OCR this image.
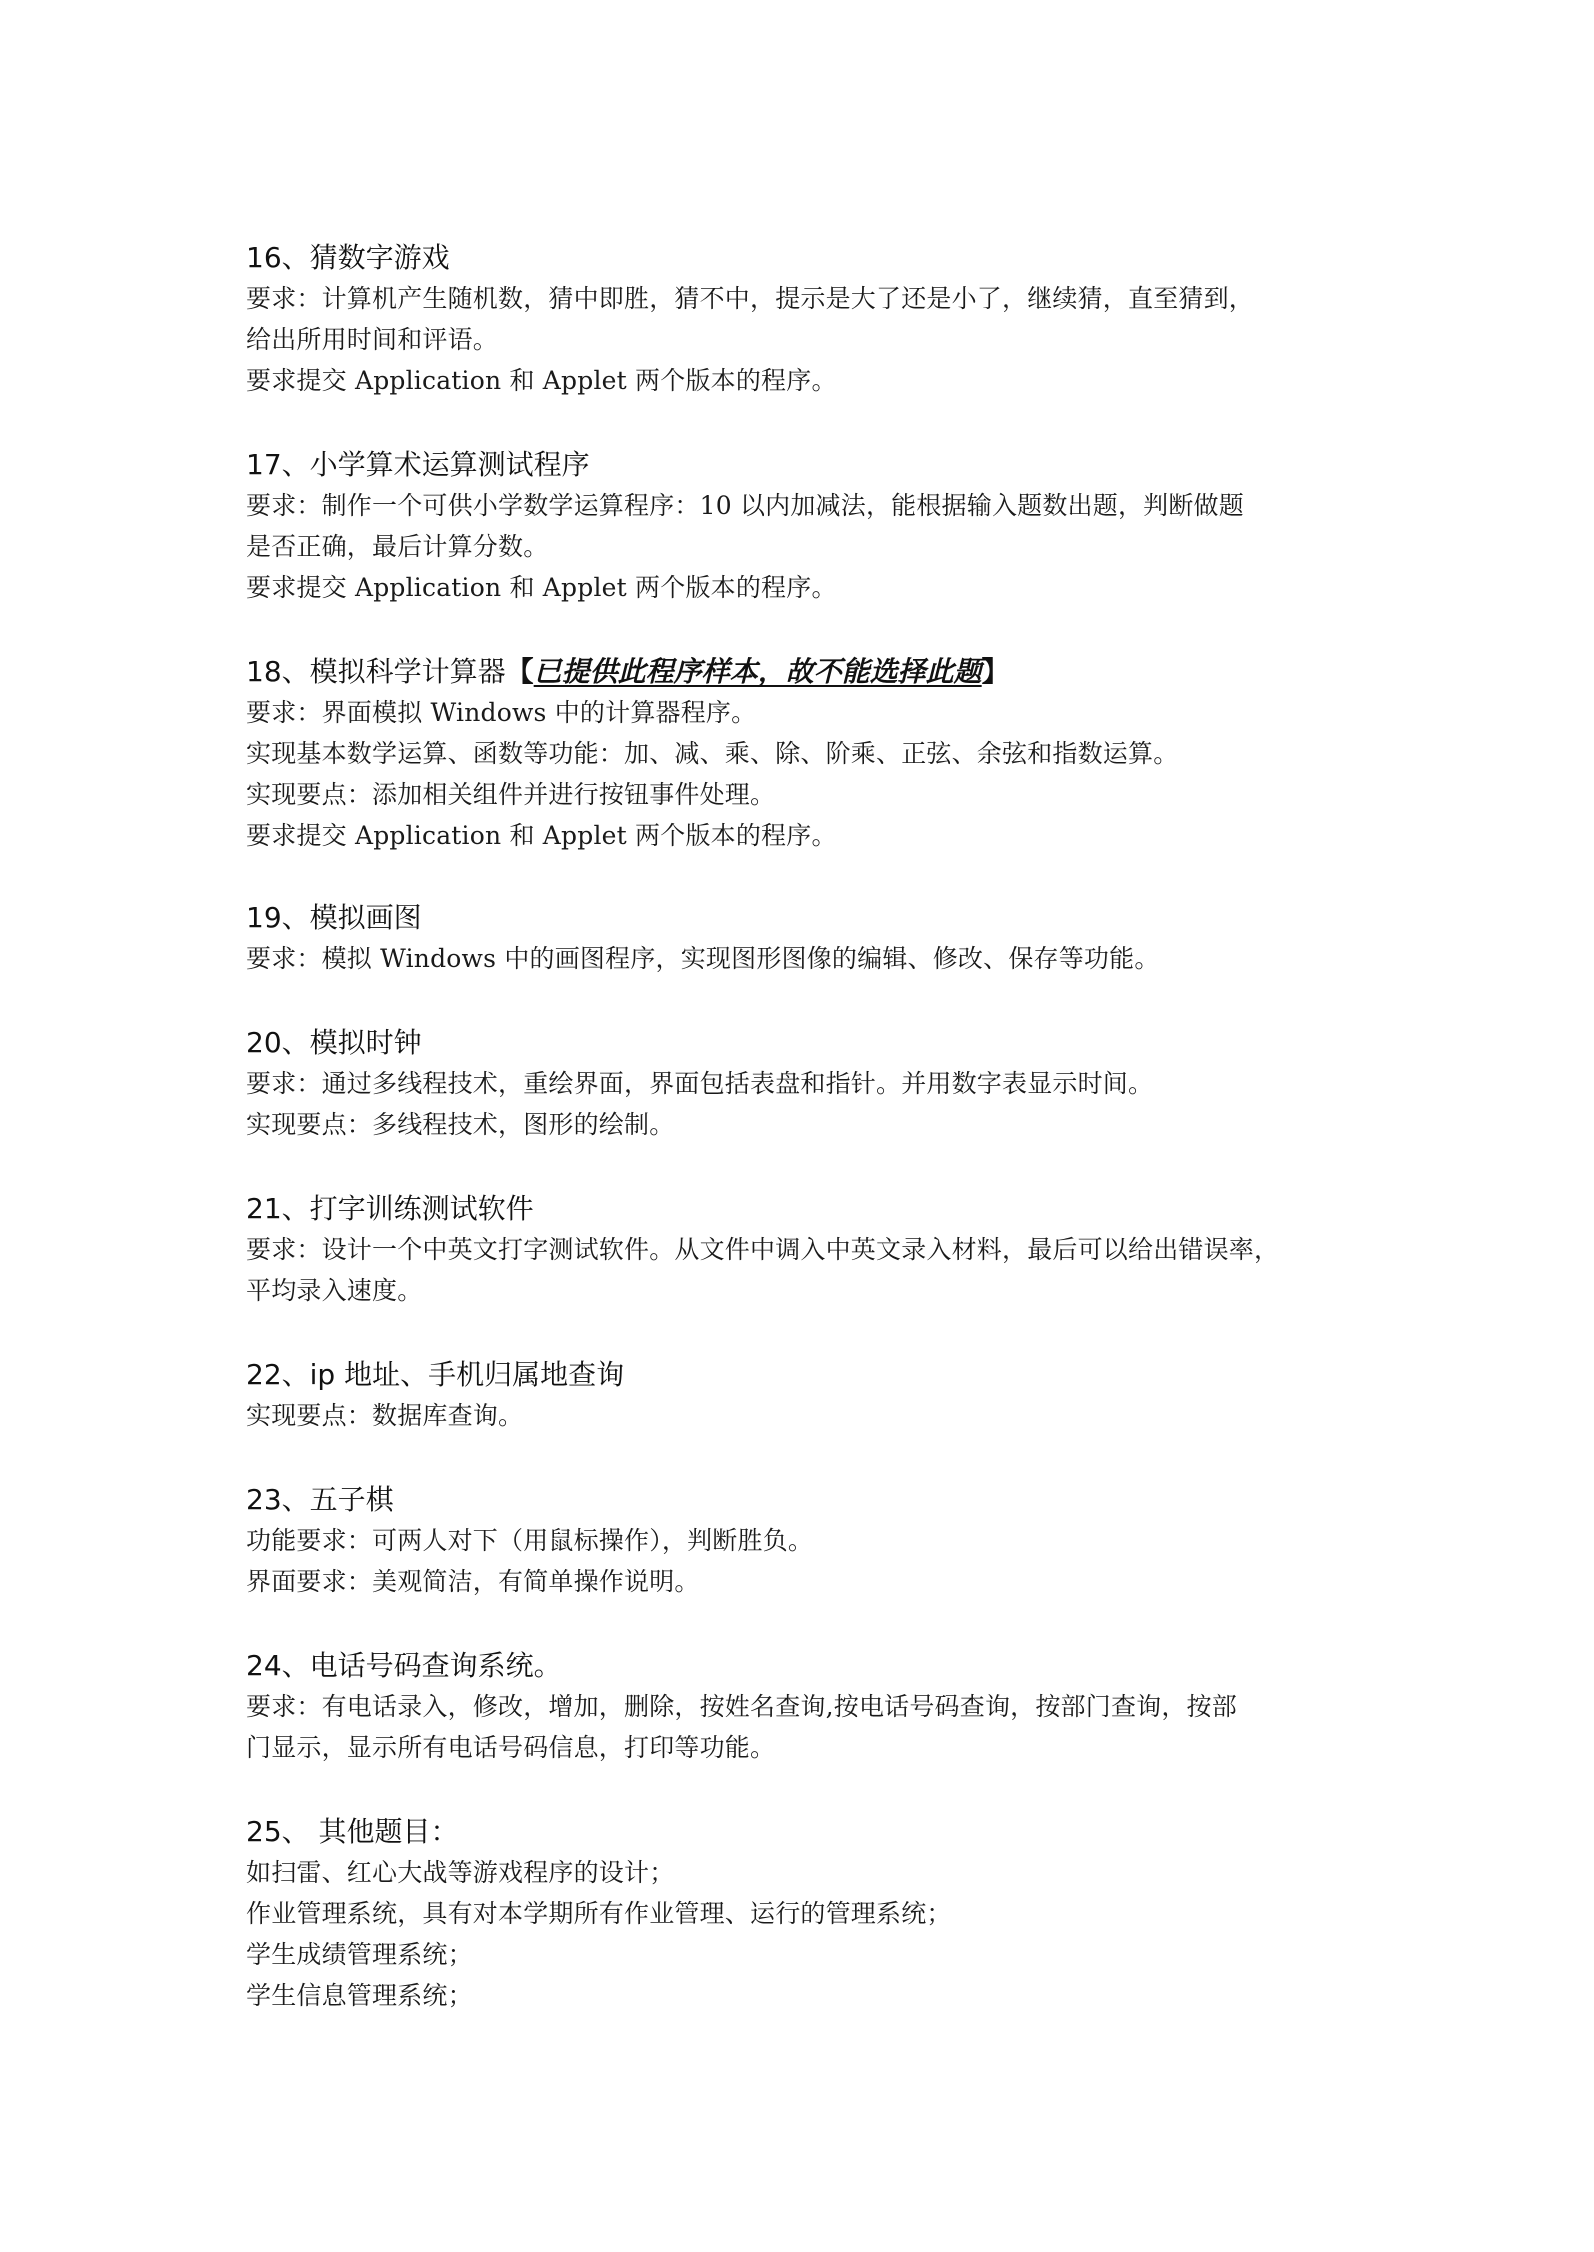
16、猜数字游戏
要求：计算机产生随机数，猜中即胜，猜不中，提示是大了还是小了，继续猜，直至猜到，
给出所用时间和评语。
要求提交 Application 和 Applet 两个版本的程序。
17、小学算术运算测试程序
要求：制作一个可供小学数学运算程序：10 以内加减法，能根据输入题数出题，判断做题
是否正确，最后计算分数。
要求提交 Application 和 Applet 两个版本的程序。
18、模拟科学计算器【已提供此程序样本，故不能选择此题】
要求：界面模拟 Windows 中的计算器程序。
实现基本数学运算、函数等功能：加、减、乘、除、阶乘、正弦、余弦和指数运算。
实现要点：添加相关组件并进行按钮事件处理。
要求提交 Application 和 Applet 两个版本的程序。
19、模拟画图
要求：模拟 Windows 中的画图程序，实现图形图像的编辑、修改、保存等功能。
20、模拟时钟
要求：通过多线程技术，重绘界面，界面包括表盘和指针。并用数字表显示时间。
实现要点：多线程技术，图形的绘制。
21、打字训练测试软件
要求：设计一个中英文打字测试软件。从文件中调入中英文录入材料，最后可以给出错误率，
平均录入速度。
22、ip 地址、手机归属地查询
实现要点：数据库查询。
23、五子棋
功能要求：可两人对下（用鼠标操作），判断胜负。
界面要求：美观简洁，有简单操作说明。
24、电话号码查询系统。
要求：有电话录入，修改，增加，删除，按姓名查询,按电话号码查询，按部门查询，按部
门显示，显示所有电话号码信息，打印等功能。
25、 其他题目：
如扫雷、红心大战等游戏程序的设计；
作业管理系统，具有对本学期所有作业管理、运行的管理系统；
学生成绩管理系统；
学生信息管理系统；
